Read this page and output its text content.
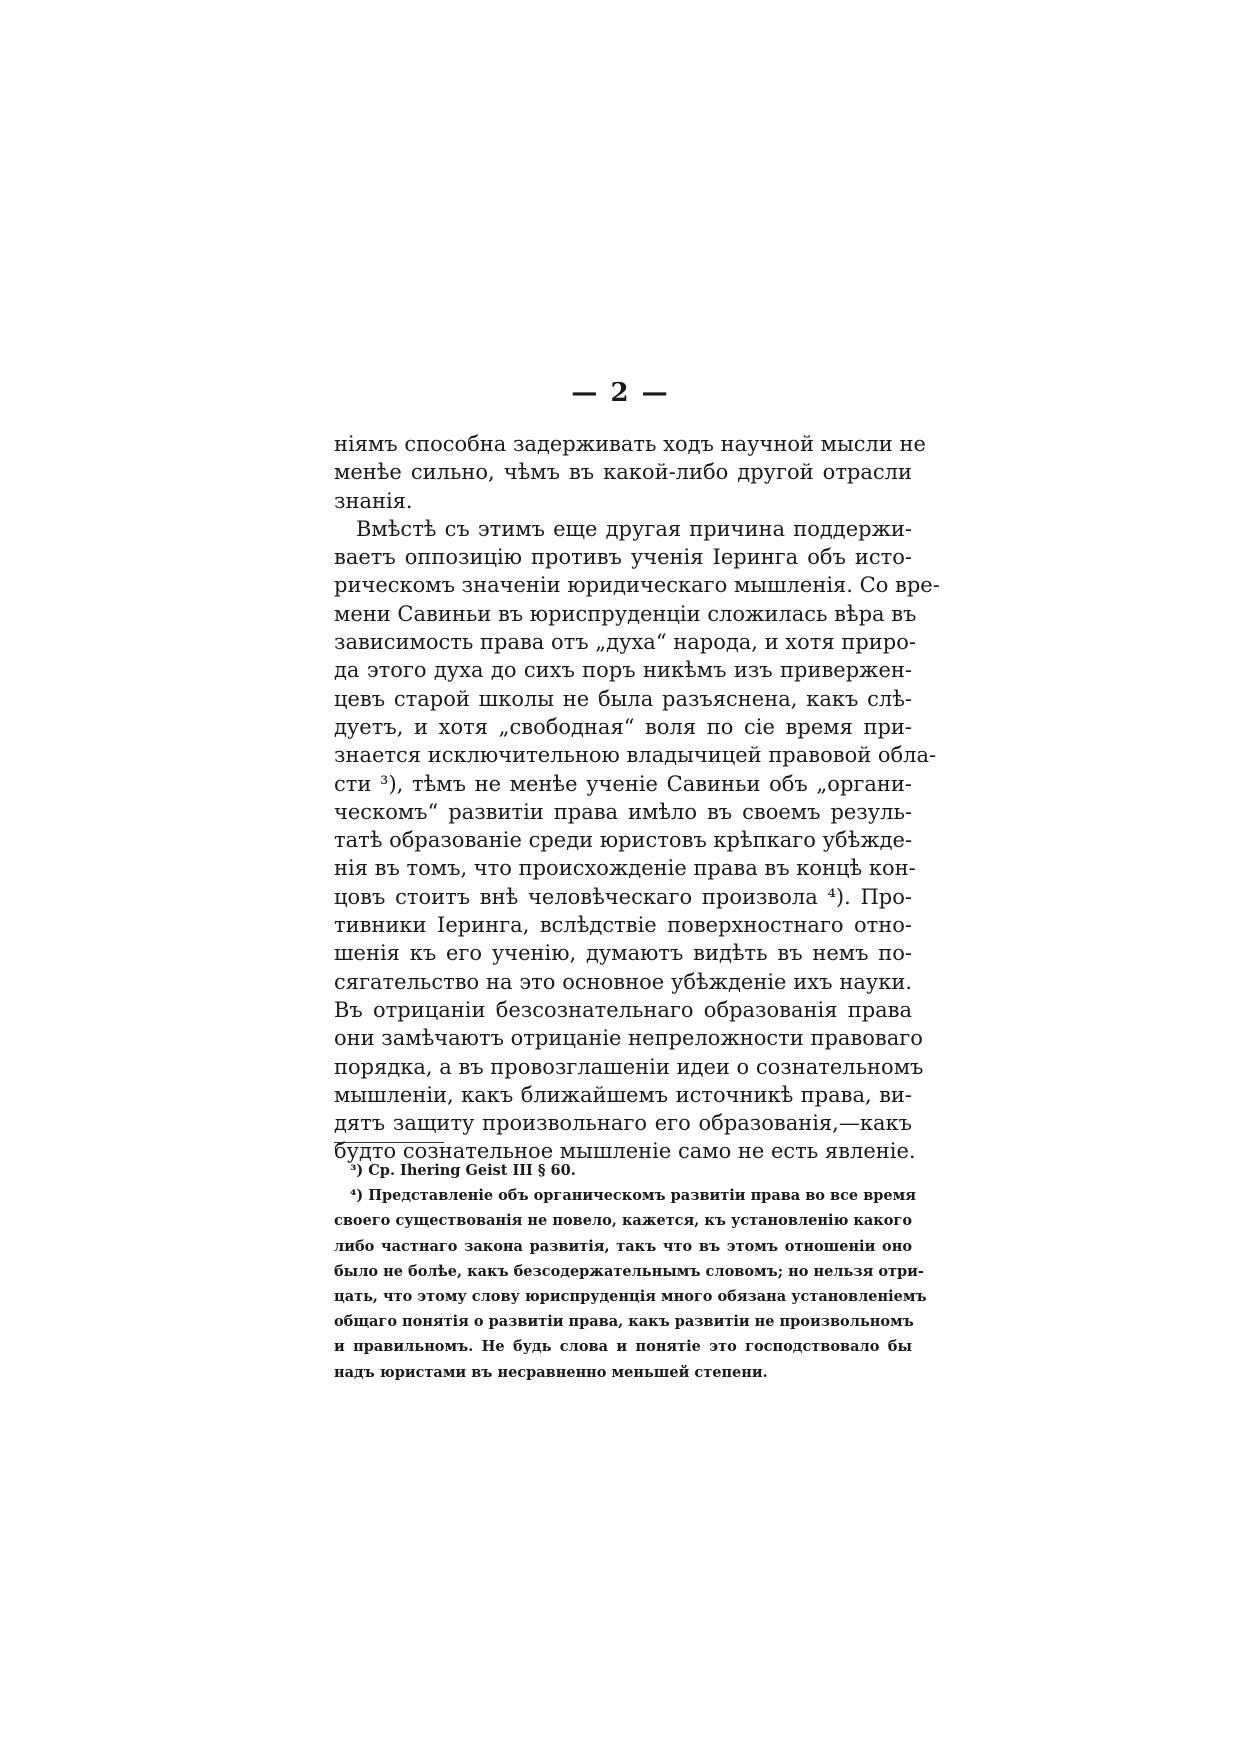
— 2 —
нiямъ способна задерживать ходъ научной мысли не
менѣе сильно, чѣмъ въ какой-либо другой отрасли
знанiя.
Вмѣстѣ съ этимъ еще другая причина поддержи-
ваетъ оппозицiю противъ ученiя Iеринга объ исто-
рическомъ значенiи юридическаго мышленiя. Со вре-
мени Савиньи въ юриспруденцiи сложилась вѣра въ
зависимость права отъ „духа“ народа, и хотя приро-
да этого духа до сихъ поръ никѣмъ изъ привержен-
цевъ старой школы не была разъяснена, какъ слѣ-
дуетъ, и хотя „свободная“ воля по сiе время при-
знается исключительною владычицей правовой обла-
сти ³), тѣмъ не менѣе ученiе Савиньи объ „органи-
ческомъ“ развитiи права имѣло въ своемъ резуль-
татѣ образованiе среди юристовъ крѣпкаго убѣжде-
нiя въ томъ, что происхожденiе права въ концѣ кон-
цовъ стоитъ внѣ человѣческаго произвола ⁴). Про-
тивники Iеринга, вслѣдствiе поверхностнаго отно-
шенiя къ его ученiю, думаютъ видѣть въ немъ по-
сягательство на это основное убѣжденiе ихъ науки.
Въ отрицанiи безсознательнаго образованiя права
они замѣчаютъ отрицанiе непреложности правоваго
порядка, а въ провозглашенiи идеи о сознательномъ
мышленiи, какъ ближайшемъ источникѣ права, ви-
дятъ защиту произвольнаго его образованiя,—какъ
будто сознательное мышленiе само не есть явленiе.
³) Cp. Ihering Geist III § 60.
⁴) Представленiе объ органическомъ развитiи права во все время
своего существованiя не повело, кажется, къ установленiю какого
либо частнаго закона развитiя, такъ что въ этомъ отношенiи оно
было не болѣе, какъ безсодержательнымъ словомъ; но нельзя отри-
цать, что этому слову юриспруденцiя много обязана установленiемъ
общаго понятiя о развитiи права, какъ развитiи не произвольномъ
и правильномъ. Не будь слова и понятiе это господствовало бы
надъ юристами въ несравненно меньшей степени.
